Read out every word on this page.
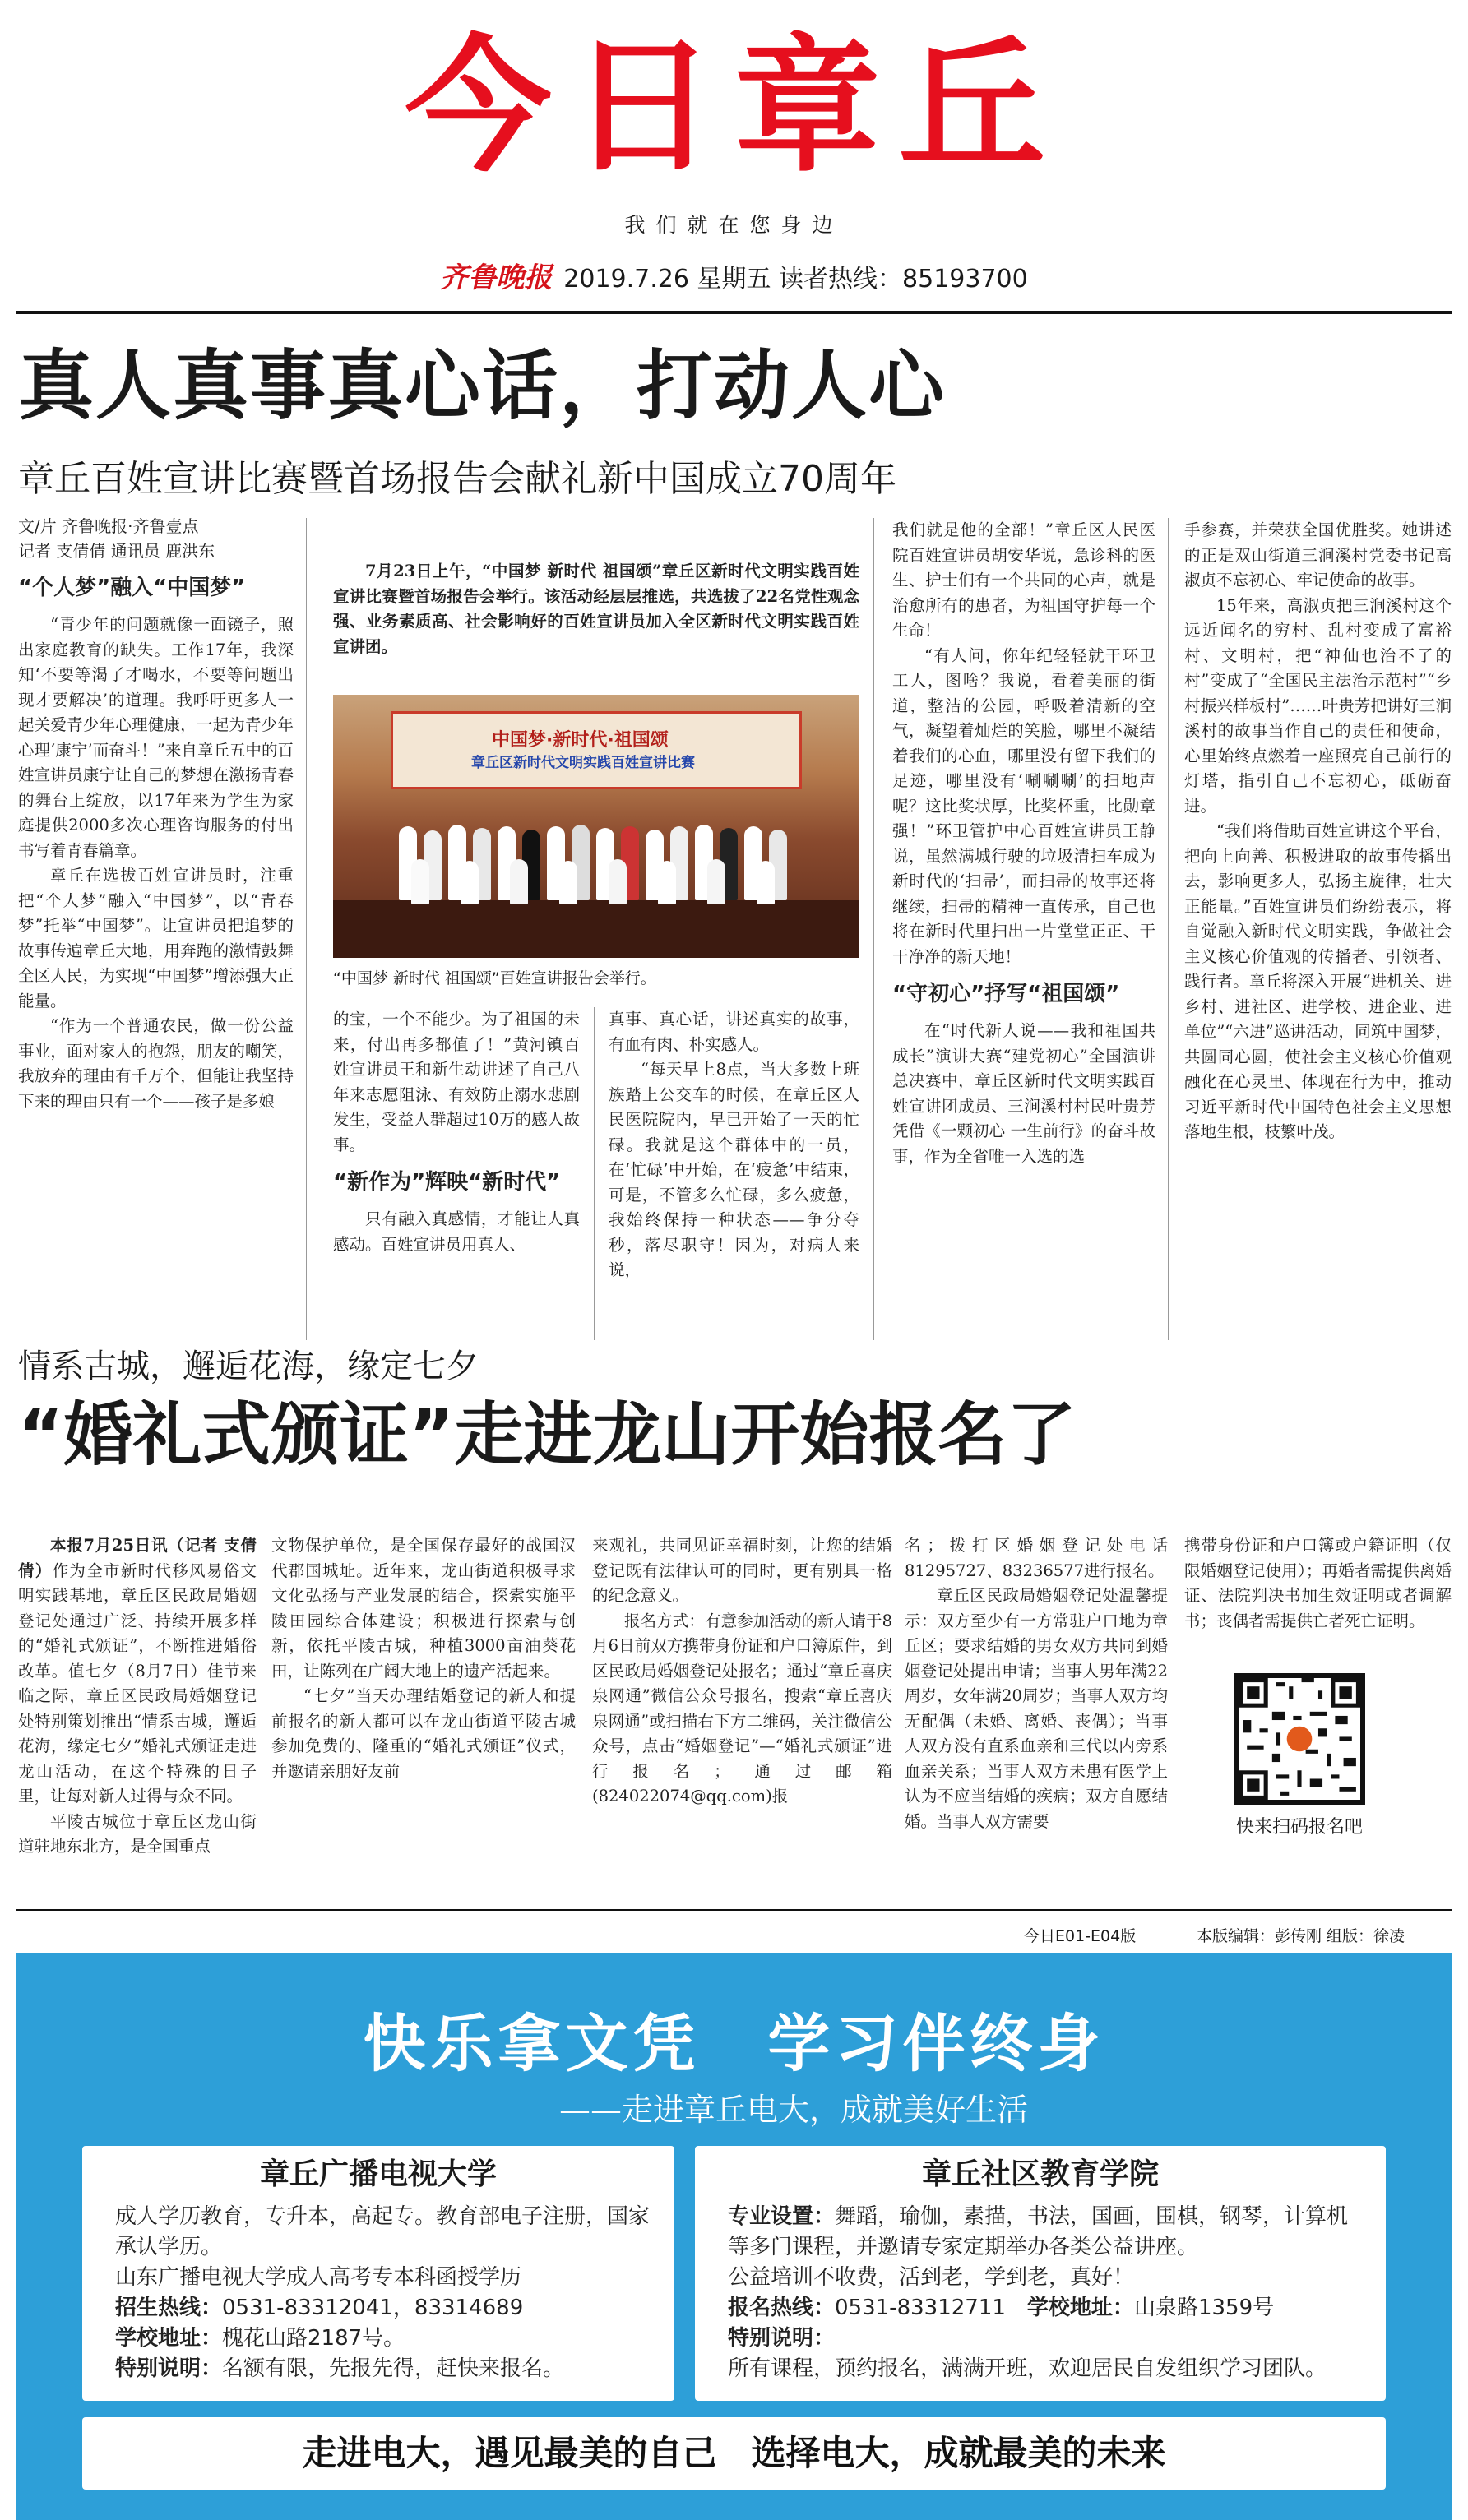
今日章丘
我们就在您身边
齐鲁晚报 2019.7.26 星期五 读者热线：85193700
真人真事真心话，打动人心
章丘百姓宣讲比赛暨首场报告会献礼新中国成立70周年
文/片 齐鲁晚报·齐鲁壹点
记者 支倩倩 通讯员 鹿洪东
“个人梦”融入“中国梦”

“青少年的问题就像一面镜子，照出家庭教育的缺失。工作17年，我深知‘不要等渴了才喝水，不要等问题出现才要解决’的道理。我呼吁更多人一起关爱青少年心理健康，一起为青少年心理‘康宁’而奋斗！”来自章丘五中的百姓宣讲员康宁让自己的梦想在激扬青春的舞台上绽放，以17年来为学生为家庭提供2000多次心理咨询服务的付出书写着青春篇章。

章丘在选拔百姓宣讲员时，注重把“个人梦”融入“中国梦”，以“青春梦”托举“中国梦”。让宣讲员把追梦的故事传遍章丘大地，用奔跑的激情鼓舞全区人民，为实现“中国梦”增添强大正能量。

“作为一个普通农民，做一份公益事业，面对家人的抱怨，朋友的嘲笑，我放弃的理由有千万个，但能让我坚持下来的理由只有一个——孩子是多娘

7月23日上午，“中国梦 新时代 祖国颂”章丘区新时代文明实践百姓宣讲比赛暨首场报告会举行。该活动经层层推选，共选拔了22名党性观念强、业务素质高、社会影响好的百姓宣讲员加入全区新时代文明实践百姓宣讲团。

中国梦·新时代·祖国颂
章丘区新时代文明实践百姓宣讲比赛
“中国梦 新时代 祖国颂”百姓宣讲报告会举行。

的宝，一个不能少。为了祖国的未来，付出再多都值了！”黄河镇百姓宣讲员王和新生动讲述了自己八年来志愿阻泳、有效防止溺水悲剧发生，受益人群超过10万的感人故事。

“新作为”辉映“新时代”

只有融入真感情，才能让人真感动。百姓宣讲员用真人、

真事、真心话，讲述真实的故事，有血有肉、朴实感人。

“每天早上8点，当大多数上班族踏上公交车的时候，在章丘区人民医院院内，早已开始了一天的忙碌。我就是这个群体中的一员，在‘忙碌’中开始，在‘疲惫’中结束，可是，不管多么忙碌，多么疲惫，我始终保持一种状态——争分夺秒，落尽职守！因为，对病人来说，

我们就是他的全部！”章丘区人民医院百姓宣讲员胡安华说，急诊科的医生、护士们有一个共同的心声，就是治愈所有的患者，为祖国守护每一个生命！

“有人问，你年纪轻轻就干环卫工人，图啥？我说，看着美丽的街道，整洁的公园，呼吸着清新的空气，凝望着灿烂的笑脸，哪里不凝结着我们的心血，哪里没有留下我们的足迹，哪里没有‘唰唰唰’的扫地声呢？这比奖状厚，比奖杯重，比勋章强！”环卫管护中心百姓宣讲员王静说，虽然满城行驶的垃圾清扫车成为新时代的‘扫帚’，而扫帚的故事还将继续，扫帚的精神一直传承，自己也将在新时代里扫出一片堂堂正正、干干净净的新天地！

“守初心”抒写“祖国颂”

在“时代新人说——我和祖国共成长”演讲大赛“建党初心”全国演讲总决赛中，章丘区新时代文明实践百姓宣讲团成员、三涧溪村村民叶贵芳凭借《一颗初心 一生前行》的奋斗故事，作为全省唯一入选的选

手参赛，并荣获全国优胜奖。她讲述的正是双山街道三涧溪村党委书记高淑贞不忘初心、牢记使命的故事。

15年来，高淑贞把三涧溪村这个远近闻名的穷村、乱村变成了富裕村、文明村，把“神仙也治不了的村”变成了“全国民主法治示范村”“乡村振兴样板村”……叶贵芳把讲好三涧溪村的故事当作自己的责任和使命，心里始终点燃着一座照亮自己前行的灯塔，指引自己不忘初心，砥砺奋进。

“我们将借助百姓宣讲这个平台，把向上向善、积极进取的故事传播出去，影响更多人，弘扬主旋律，壮大正能量。”百姓宣讲员们纷纷表示，将自觉融入新时代文明实践，争做社会主义核心价值观的传播者、引领者、践行者。章丘将深入开展“进机关、进乡村、进社区、进学校、进企业、进单位”“六进”巡讲活动，同筑中国梦，共圆同心圆，使社会主义核心价值观融化在心灵里、体现在行为中，推动习近平新时代中国特色社会主义思想落地生根，枝繁叶茂。

情系古城，邂逅花海，缘定七夕
“婚礼式颁证”走进龙山开始报名了

本报7月25日讯（记者 支倩倩）作为全市新时代移风易俗文明实践基地，章丘区民政局婚姻登记处通过广泛、持续开展多样的“婚礼式颁证”，不断推进婚俗改革。值七夕（8月7日）佳节来临之际，章丘区民政局婚姻登记处特别策划推出“情系古城，邂逅花海，缘定七夕”婚礼式颁证走进龙山活动，在这个特殊的日子里，让每对新人过得与众不同。

平陵古城位于章丘区龙山街道驻地东北方，是全国重点

文物保护单位，是全国保存最好的战国汉代郡国城址。近年来，龙山街道积极寻求文化弘扬与产业发展的结合，探索实施平陵田园综合体建设；积极进行探索与创新，依托平陵古城，种植3000亩油葵花田，让陈列在广阔大地上的遗产活起来。

“七夕”当天办理结婚登记的新人和提前报名的新人都可以在龙山街道平陵古城参加免费的、隆重的“婚礼式颁证”仪式，并邀请亲朋好友前

来观礼，共同见证幸福时刻，让您的结婚登记既有法律认可的同时，更有别具一格的纪念意义。

报名方式：有意参加活动的新人请于8月6日前双方携带身份证和户口簿原件，到区民政局婚姻登记处报名；通过“章丘喜庆泉网通”微信公众号报名，搜索“章丘喜庆泉网通”或扫描右下方二维码，关注微信公众号，点击“婚姻登记”—“婚礼式颁证”进行报名；通过邮箱(824022074@qq.com)报

名；拨打区婚姻登记处电话81295727、83236577进行报名。

章丘区民政局婚姻登记处温馨提示：双方至少有一方常驻户口地为章丘区；要求结婚的男女双方共同到婚姻登记处提出申请；当事人男年满22周岁，女年满20周岁；当事人双方均无配偶（未婚、离婚、丧偶）；当事人双方没有直系血亲和三代以内旁系血亲关系；当事人双方未患有医学上认为不应当结婚的疾病；双方自愿结婚。当事人双方需要

携带身份证和户口簿或户籍证明（仅限婚姻登记使用）；再婚者需提供离婚证、法院判决书加生效证明或者调解书；丧偶者需提供亡者死亡证明。

快来扫码报名吧
今日E01-E04版	本版编辑：彭传刚 组版：徐凌
快乐拿文凭　学习伴终身
——走进章丘电大，成就美好生活
章丘广播电视大学
成人学历教育，专升本，高起专。教育部电子注册，国家承认学历。
山东广播电视大学成人高考专本科函授学历
招生热线：0531-83312041，83314689
学校地址：槐花山路2187号。
特别说明：名额有限，先报先得，赶快来报名。
章丘社区教育学院
专业设置：舞蹈，瑜伽，素描，书法，国画，围棋，钢琴，计算机等多门课程，并邀请专家定期举办各类公益讲座。
公益培训不收费，活到老，学到老，真好！
报名热线：0531-83312711　 学校地址：山泉路1359号
特别说明：
所有课程，预约报名，满满开班，欢迎居民自发组织学习团队。
走进电大，遇见最美的自己　选择电大，成就最美的未来
